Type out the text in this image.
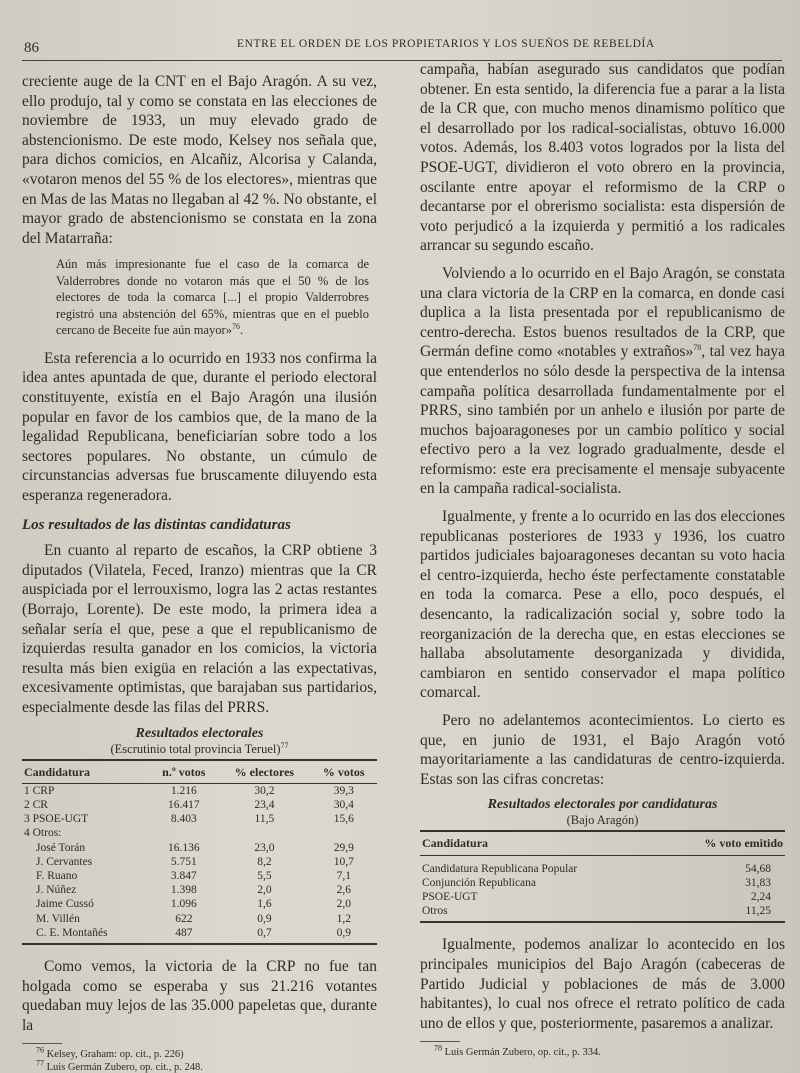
86	ENTRE EL ORDEN DE LOS PROPIETARIOS Y LOS SUEÑOS DE REBELDÍA

creciente auge de la CNT en el Bajo Aragón. A su vez, ello produjo, tal y como se constata en las elecciones de noviembre de 1933, un muy elevado grado de abstencionismo. De este modo, Kelsey nos señala que, para dichos comicios, en Alcañiz, Alcorisa y Calanda, «votaron menos del 55 % de los electores», mientras que en Mas de las Matas no llegaban al 42 %. No obstante, el mayor grado de abstencionismo se constata en la zona del Matarraña:

Aún más impresionante fue el caso de la comarca de Valderrobres donde no votaron más que el 50 % de los electores de toda la comarca [...] el propio Valderrobres registró una abstención del 65%, mientras que en el pueblo cercano de Beceite fue aún mayor»$^{76}$.

Esta referencia a lo ocurrido en 1933 nos confirma la idea antes apuntada de que, durante el periodo electoral constituyente, existía en el Bajo Aragón una ilusión popular en favor de los cambios que, de la mano de la legalidad Republicana, beneficiarían sobre todo a los sectores populares. No obstante, un cúmulo de circunstancias adversas fue bruscamente diluyendo esta esperanza regeneradora.

Los resultados de las distintas candidaturas

En cuanto al reparto de escaños, la CRP obtiene 3 diputados (Vilatela, Feced, Iranzo) mientras que la CR auspiciada por el lerrouxismo, logra las 2 actas restantes (Borrajo, Lorente). De este modo, la primera idea a señalar sería el que, pese a que el republicanismo de izquierdas resulta ganador en los comicios, la victoria resulta más bien exigüa en relación a las expectativas, excesivamente optimistas, que barajaban sus partidarios, especialmente desde las filas del PRRS.

Resultados electorales
(Escrutinio total provincia Teruel)$^{77}$
Candidatura	n.º votos	% electores	% votos
1 CRP	1.216	30,2	39,3
2 CR	16.417	23,4	30,4
3 PSOE-UGT	8.403	11,5	15,6
4 Otros:			
José Torán	16.136	23,0	29,9
J. Cervantes	5.751	8,2	10,7
F. Ruano	3.847	5,5	7,1
J. Núñez	1.398	2,0	2,6
Jaime Cussó	1.096	1,6	2,0
M. Villén	622	0,9	1,2
C. E. Montañés	487	0,7	0,9

Como vemos, la victoria de la CRP no fue tan holgada como se esperaba y sus 21.216 votantes quedaban muy lejos de las 35.000 papeletas que, durante la

$^{76}$ Kelsey, Graham: op. cit., p. 226)
$^{77}$ Luis Germán Zubero, op. cit., p. 248.

campaña, habían asegurado sus candidatos que podían obtener. En esta sentido, la diferencia fue a parar a la lista de la CR que, con mucho menos dinamismo político que el desarrollado por los radical-socialistas, obtuvo 16.000 votos. Además, los 8.403 votos logrados por la lista del PSOE-UGT, dividieron el voto obrero en la provincia, oscilante entre apoyar el reformismo de la CRP o decantarse por el obrerismo socialista: esta dispersión de voto perjudicó a la izquierda y permitió a los radicales arrancar su segundo escaño.

Volviendo a lo ocurrido en el Bajo Aragón, se constata una clara victoria de la CRP en la comarca, en donde casi duplica a la lista presentada por el republicanismo de centro-derecha. Estos buenos resultados de la CRP, que Germán define como «notables y extraños»$^{78}$, tal vez haya que entenderlos no sólo desde la perspectiva de la intensa campaña política desarrollada fundamentalmente por el PRRS, sino también por un anhelo e ilusión por parte de muchos bajoaragoneses por un cambio político y social efectivo pero a la vez logrado gradualmente, desde el reformismo: este era precisamente el mensaje subyacente en la campaña radical-socialista.

Igualmente, y frente a lo ocurrido en las dos elecciones republicanas posteriores de 1933 y 1936, los cuatro partidos judiciales bajoaragoneses decantan su voto hacia el centro-izquierda, hecho éste perfectamente constatable en toda la comarca. Pese a ello, poco después, el desencanto, la radicalización social y, sobre todo la reorganización de la derecha que, en estas elecciones se hallaba absolutamente desorganizada y dividida, cambiaron en sentido conservador el mapa político comarcal.

Pero no adelantemos acontecimientos. Lo cierto es que, en junio de 1931, el Bajo Aragón votó mayoritariamente a las candidaturas de centro-izquierda. Estas son las cifras concretas:

Resultados electorales por candidaturas
(Bajo Aragón)
Candidatura	% voto emitido
Candidatura Republicana Popular	54,68
Conjunción Republicana	31,83
PSOE-UGT	2,24
Otros	11,25

Igualmente, podemos analizar lo acontecido en los principales municipios del Bajo Aragón (cabeceras de Partido Judicial y poblaciones de más de 3.000 habitantes), lo cual nos ofrece el retrato político de cada uno de ellos y que, posteriormente, pasaremos a analizar.

$^{78}$ Luis Germán Zubero, op. cit., p. 334.
